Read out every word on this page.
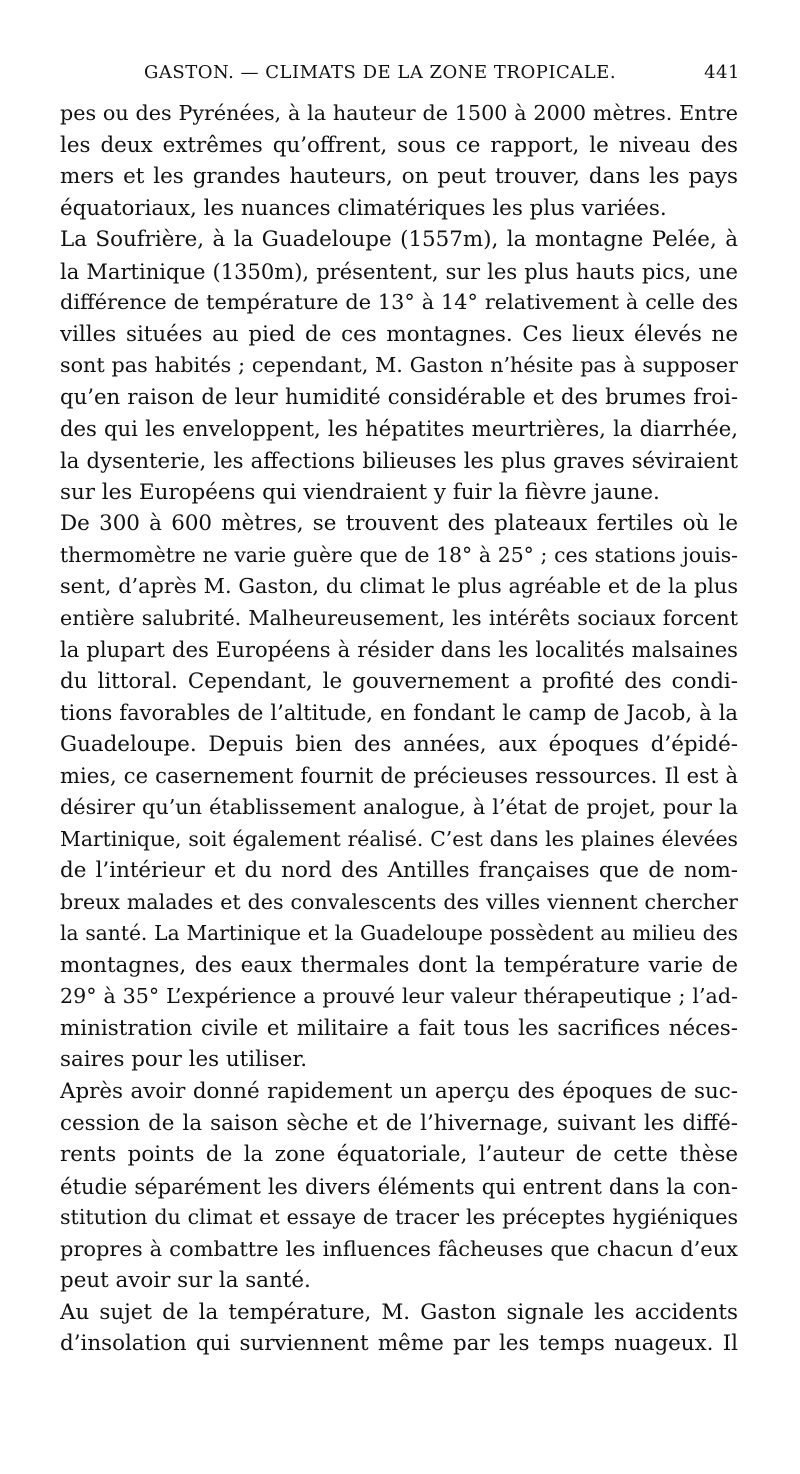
GASTON. — CLIMATS DE LA ZONE TROPICALE.	441
pes ou des Pyrénées, à la hauteur de 1500 à 2000 mètres. Entre
les deux extrêmes qu’offrent, sous ce rapport, le niveau des
mers et les grandes hauteurs, on peut trouver, dans les pays
équatoriaux, les nuances climatériques les plus variées.
La Soufrière, à la Guadeloupe (1557m), la montagne Pelée, à
la Martinique (1350m), présentent, sur les plus hauts pics, une
différence de température de 13° à 14° relativement à celle des
villes situées au pied de ces montagnes. Ces lieux élevés ne
sont pas habités ; cependant, M. Gaston n’hésite pas à supposer
qu’en raison de leur humidité considérable et des brumes froi-
des qui les enveloppent, les hépatites meurtrières, la diarrhée,
la dysenterie, les affections bilieuses les plus graves séviraient
sur les Européens qui viendraient y fuir la fièvre jaune.
De 300 à 600 mètres, se trouvent des plateaux fertiles où le
thermomètre ne varie guère que de 18° à 25° ; ces stations jouis-
sent, d’après M. Gaston, du climat le plus agréable et de la plus
entière salubrité. Malheureusement, les intérêts sociaux forcent
la plupart des Européens à résider dans les localités malsaines
du littoral. Cependant, le gouvernement a profité des condi-
tions favorables de l’altitude, en fondant le camp de Jacob, à la
Guadeloupe. Depuis bien des années, aux époques d’épidé-
mies, ce casernement fournit de précieuses ressources. Il est à
désirer qu’un établissement analogue, à l’état de projet, pour la
Martinique, soit également réalisé. C’est dans les plaines élevées
de l’intérieur et du nord des Antilles françaises que de nom-
breux malades et des convalescents des villes viennent chercher
la santé. La Martinique et la Guadeloupe possèdent au milieu des
montagnes, des eaux thermales dont la température varie de
29° à 35° L’expérience a prouvé leur valeur thérapeutique ; l’ad-
ministration civile et militaire a fait tous les sacrifices néces-
saires pour les utiliser.
Après avoir donné rapidement un aperçu des époques de suc-
cession de la saison sèche et de l’hivernage, suivant les diffé-
rents points de la zone équatoriale, l’auteur de cette thèse
étudie séparément les divers éléments qui entrent dans la con-
stitution du climat et essaye de tracer les préceptes hygiéniques
propres à combattre les influences fâcheuses que chacun d’eux
peut avoir sur la santé.
Au sujet de la température, M. Gaston signale les accidents
d’insolation qui surviennent même par les temps nuageux. Il
